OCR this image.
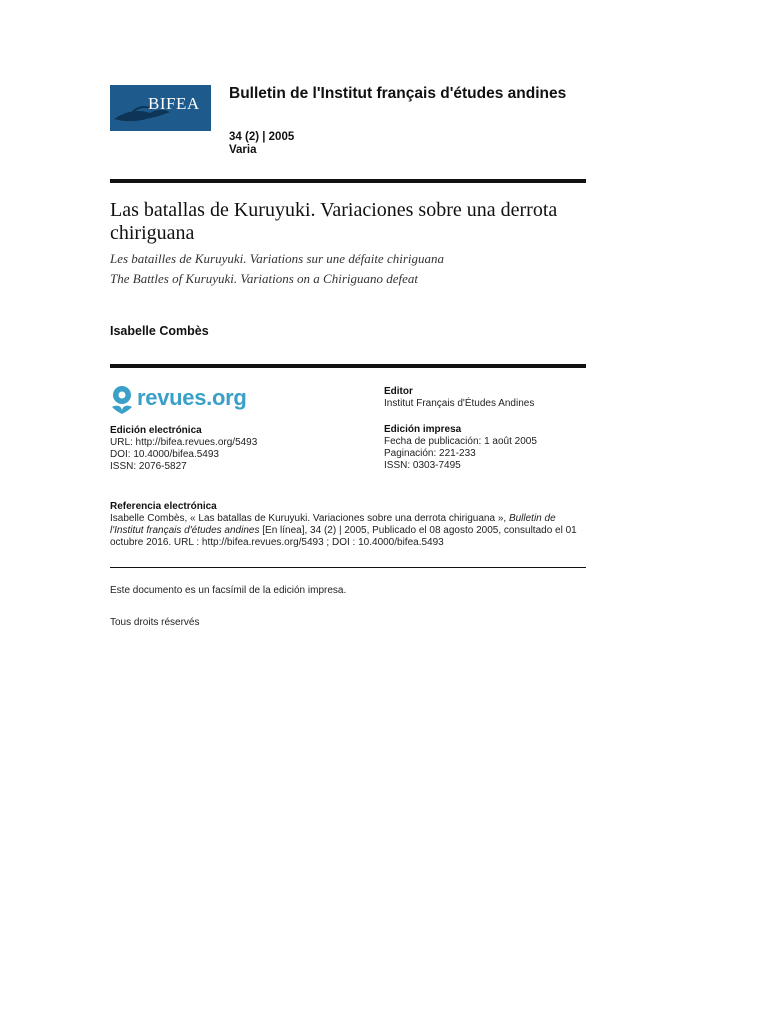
BIFEA
Bulletin de l'Institut français d'études andines
34 (2) | 2005
Varia
Las batallas de Kuruyuki. Variaciones sobre una derrota chiriguana
Les batailles de Kuruyuki. Variations sur une défaite chiriguana
The Battles of Kuruyuki. Variations on a Chiriguano defeat
Isabelle Combès
revues.org
Edición electrónica
URL: http://bifea.revues.org/5493
DOI: 10.4000/bifea.5493
ISSN: 2076-5827
Editor
Institut Français d'Études Andines
Edición impresa
Fecha de publicación: 1 août 2005
Paginación: 221-233
ISSN: 0303-7495
Referencia electrónica
Isabelle Combès, « Las batallas de Kuruyuki. Variaciones sobre una derrota chiriguana », Bulletin de l'Institut français d'études andines [En línea], 34 (2) | 2005, Publicado el 08 agosto 2005, consultado el 01 octubre 2016. URL : http://bifea.revues.org/5493 ; DOI : 10.4000/bifea.5493
Este documento es un facsímil de la edición impresa.
Tous droits réservés
